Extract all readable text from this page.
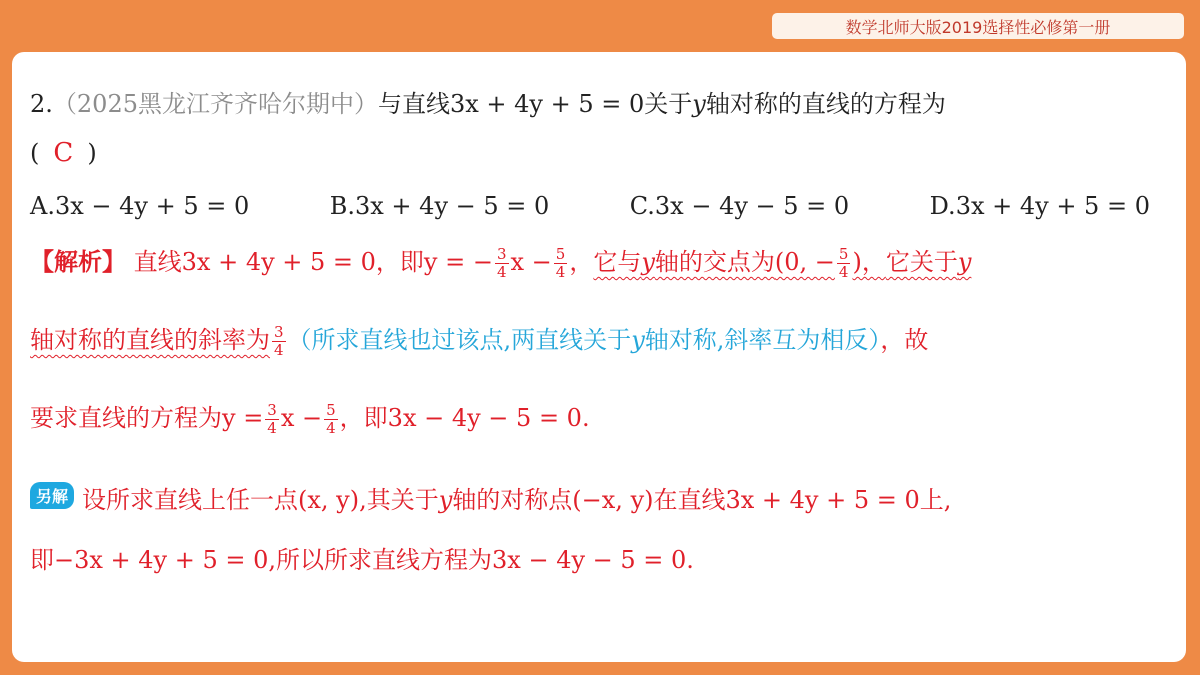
数学北师大版2019选择性必修第一册
2.（2025黑龙江齐齐哈尔期中）与直线3x + 4y + 5 = 0关于y轴对称的直线的方程为
( C )
A.3x − 4y + 5 = 0	B.3x + 4y − 5 = 0	C.3x − 4y − 5 = 0	D.3x + 4y + 5 = 0
【解析】 直线3x + 4y + 5 = 0，即y = − $\frac{3}{4}$ $x - \frac{5}{4}$ ，它与y轴的交点为(0, − $\frac{5}{4}$ )，它关于y
轴对称的直线的斜率为 $\frac{3}{4}$ （所求直线也过该点,两直线关于y轴对称,斜率互为相反），故
要求直线的方程为$y = \frac{3}{4}$ $x - \frac{5}{4}$ ，即3x − 4y − 5 = 0.
另解 设所求直线上任一点(x, y),其关于y轴的对称点(−x, y)在直线3x + 4y + 5 = 0上,
即−3x + 4y + 5 = 0,所以所求直线方程为3x − 4y − 5 = 0.
